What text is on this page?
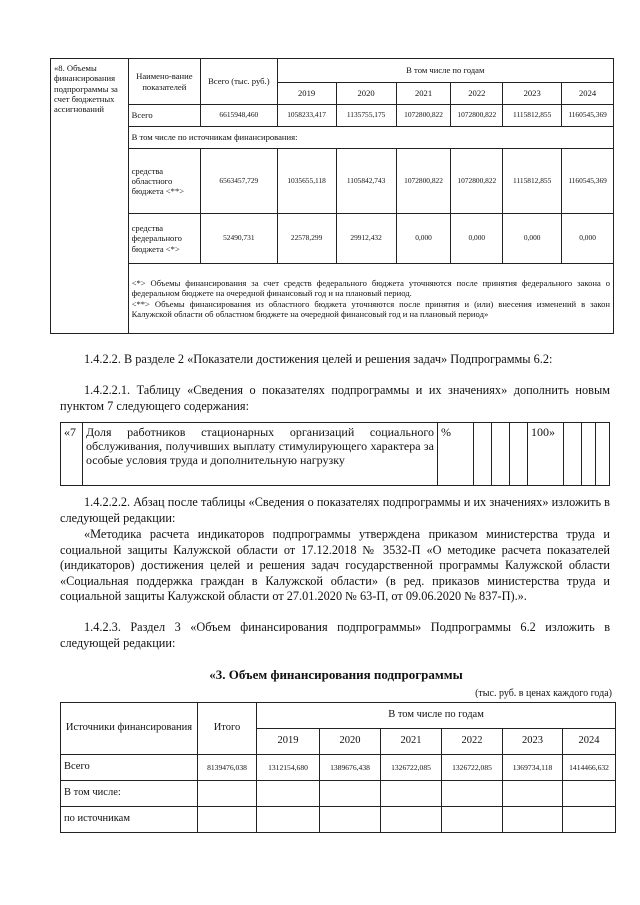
«8. Объемы финансирования подпрограммы за счет бюджетных ассигнований	Наимено-вание показателей	Всего (тыс. руб.)	В том числе по годам					
			2019	2020	2021	2022	2023	2024
	Всего	6615948,460	1058233,417	1135755,175	1072800,822	1072800,822	1115812,855	1160545,369
	В том числе по источникам финансирования:							
	средства областного бюджета <**>	6563457,729	1035655,118	1105842,743	1072800,822	1072800,822	1115812,855	1160545,369
	средства федерального бюджета <*>	52490,731	22578,299	29912,432	0,000	0,000	0,000	0,000

	<*> Объемы финансирования за счет средств федерального бюджета уточняются после принятия федерального закона о федеральном бюджете на очередной финансовый год и на плановый период.
<**> Объемы финансирования из областного бюджета уточняются после принятия и (или) внесения изменений в закон Калужской области об областном бюджете на очередной финансовый год и на плановый период»							
1.4.2.2. В разделе 2 «Показатели достижения целей и решения задач» Подпрограммы 6.2:
1.4.2.2.1. Таблицу «Сведения о показателях подпрограммы и их значениях» дополнить новым пунктом 7 следующего содержания:
«7	Доля работников стационарных организаций социального обслуживания, получивших выплату стимулирующего характера за особые условия труда и дополнительную нагрузку	%				100»			
1.4.2.2.2. Абзац после таблицы «Сведения о показателях подпрограммы и их значениях» изложить в следующей редакции:
«Методика расчета индикаторов подпрограммы утверждена приказом министерства труда и социальной защиты Калужской области от 17.12.2018 № 3532-П «О методике расчета показателей (индикаторов) достижения целей и решения задач государственной программы Калужской области «Социальная поддержка граждан в Калужской области» (в ред. приказов министерства труда и социальной защиты Калужской области от 27.01.2020 № 63-П, от 09.06.2020 № 837-П).».
1.4.2.3. Раздел 3 «Объем финансирования подпрограммы» Подпрограммы 6.2 изложить в следующей редакции:
«3. Объем финансирования подпрограммы
(тыс. руб. в ценах каждого года)
Источники финансирования	Итого	В том числе по годам					
		2019	2020	2021	2022	2023	2024
Всего	8139476,038	1312154,680	1389676,438	1326722,085	1326722,085	1369734,118	1414466,632
В том числе:							
по источникам							
